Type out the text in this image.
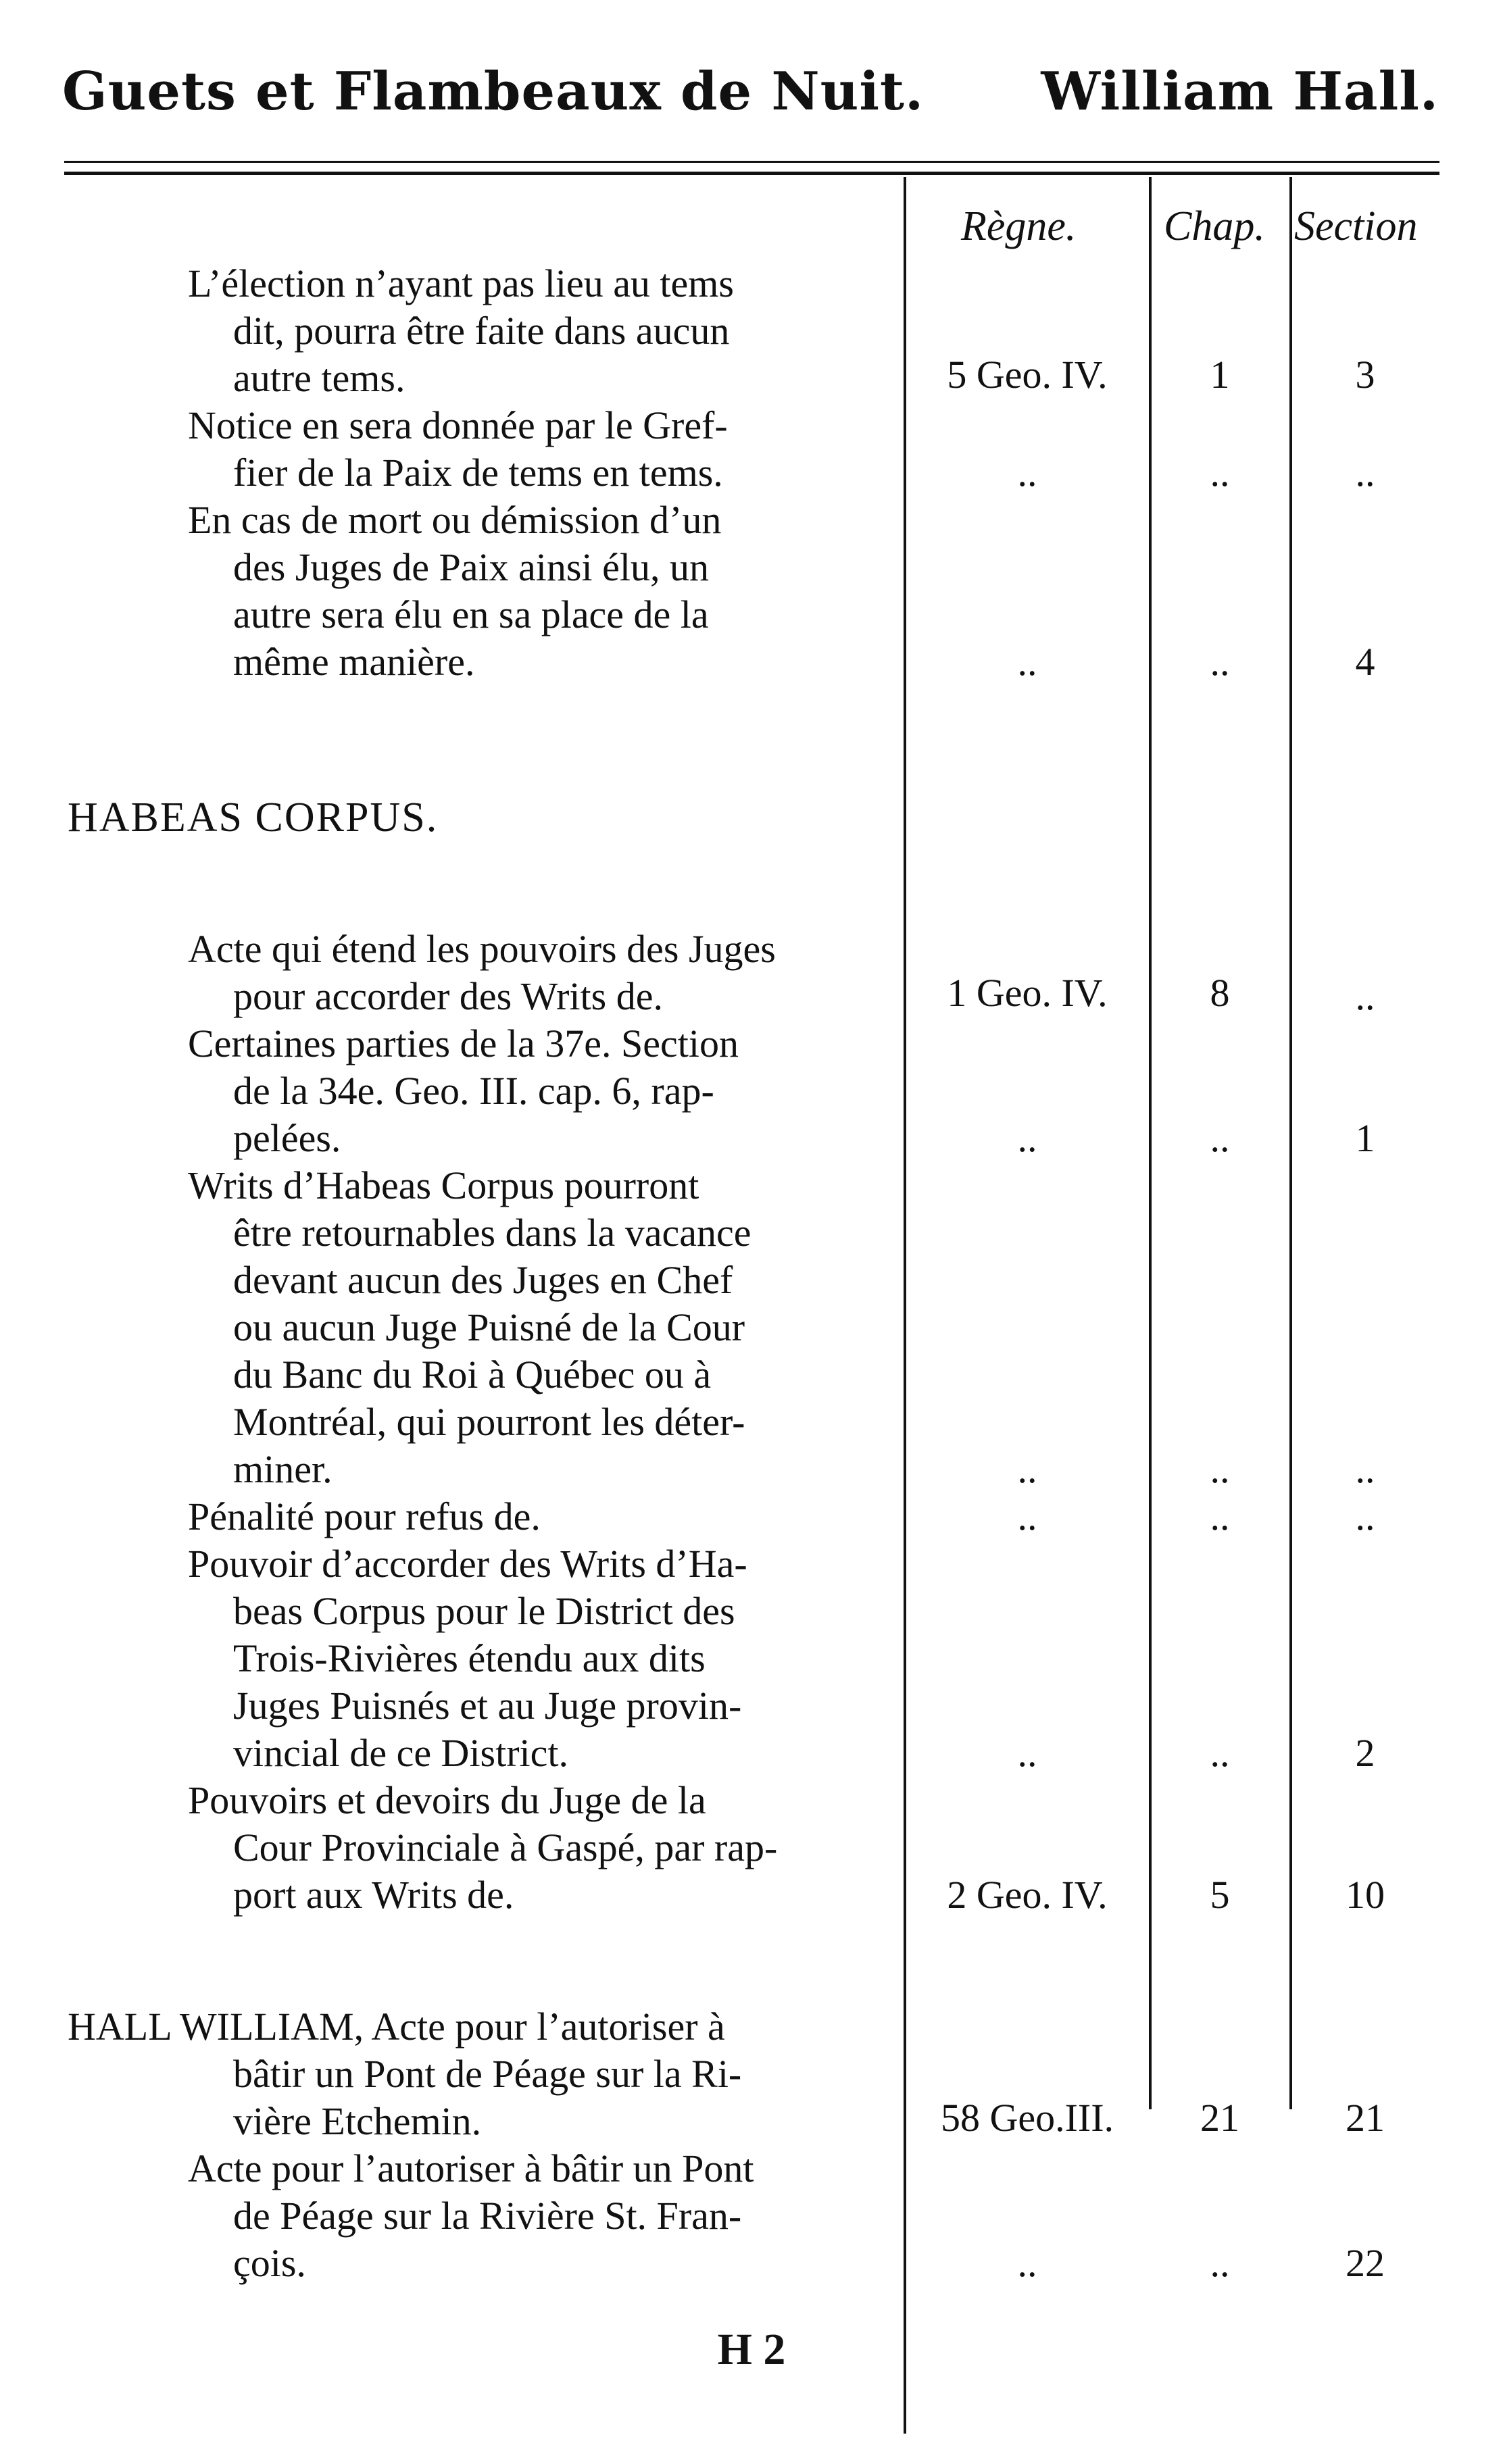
Guets et Flambeaux de Nuit. William Hall.
Règne. Chap. Section
L’élection n’ayant pas lieu au tems
dit, pourra être faite dans aucun
autre tems.	5 Geo. IV.	1	3
Notice en sera donnée par le Gref-
fier de la Paix de tems en tems.	..	..	..
En cas de mort ou démission d’un
des Juges de Paix ainsi élu, un
autre sera élu en sa place de la
même manière.	..	..	4
HABEAS CORPUS.
Acte qui étend les pouvoirs des Juges
pour accorder des Writs de.	1 Geo. IV.	8	..
Certaines parties de la 37e. Section
de la 34e. Geo. III. cap. 6, rap-
pelées.	..	..	1
Writs d’Habeas Corpus pourront
être retournables dans la vacance
devant aucun des Juges en Chef
ou aucun Juge Puisné de la Cour
du Banc du Roi à Québec ou à
Montréal, qui pourront les déter-
miner.	..	..	..
Pénalité pour refus de.	..	..	..
Pouvoir d’accorder des Writs d’Ha-
beas Corpus pour le District des
Trois-Rivières étendu aux dits
Juges Puisnés et au Juge provin-
vincial de ce District.	..	..	2
Pouvoirs et devoirs du Juge de la
Cour Provinciale à Gaspé, par rap-
port aux Writs de.	2 Geo. IV.	5	10
HALL WILLIAM, Acte pour l’autoriser à
bâtir un Pont de Péage sur la Ri-
vière Etchemin.	58 Geo.III.	21	21
Acte pour l’autoriser à bâtir un Pont
de Péage sur la Rivière St. Fran-
çois.	..	..	22
H 2
